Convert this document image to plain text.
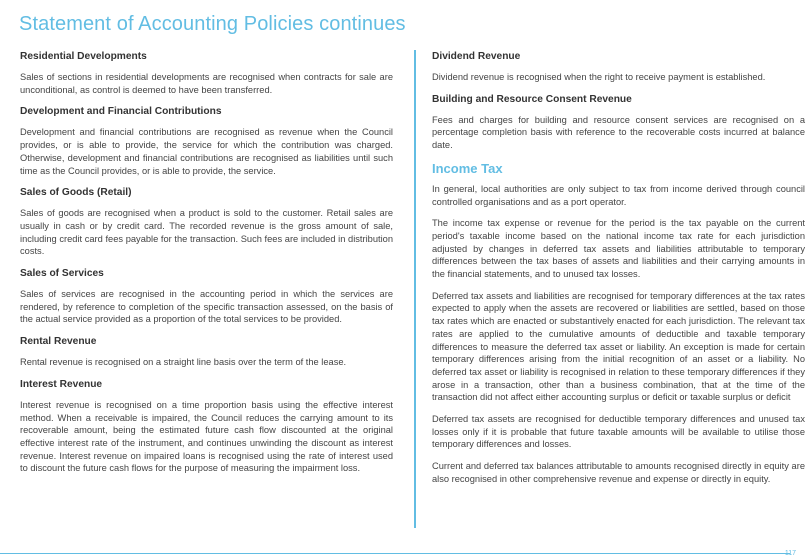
Statement of Accounting Policies continues
Residential Developments

Sales of sections in residential developments are recognised when contracts for sale are unconditional, as control is deemed to have been transferred.

Development and Financial Contributions

Development and financial contributions are recognised as revenue when the Council provides, or is able to provide, the service for which the contribution was charged. Otherwise, development and financial contributions are recognised as liabilities until such time as the Council provides, or is able to provide, the service.

Sales of Goods (Retail)

Sales of goods are recognised when a product is sold to the customer. Retail sales are usually in cash or by credit card. The recorded revenue is the gross amount of sale, including credit card fees payable for the transaction. Such fees are included in distribution costs.

Sales of Services

Sales of services are recognised in the accounting period in which the services are rendered, by reference to completion of the specific transaction assessed, on the basis of the actual service provided as a proportion of the total services to be provided.

Rental Revenue

Rental revenue is recognised on a straight line basis over the term of the lease.

Interest Revenue

Interest revenue is recognised on a time proportion basis using the effective interest method. When a receivable is impaired, the Council reduces the carrying amount to its recoverable amount, being the estimated future cash flow discounted at the original effective interest rate of the instrument, and continues unwinding the discount as interest revenue. Interest revenue on impaired loans is recognised using the rate of interest used to discount the future cash flows for the purpose of measuring the impairment loss.

Dividend Revenue

Dividend revenue is recognised when the right to receive payment is established.

Building and Resource Consent Revenue

Fees and charges for building and resource consent services are recognised on a percentage completion basis with reference to the recoverable costs incurred at balance date.

Income Tax

In general, local authorities are only subject to tax from income derived through council controlled organisations and as a port operator.

The income tax expense or revenue for the period is the tax payable on the current period's taxable income based on the national income tax rate for each jurisdiction adjusted by changes in deferred tax assets and liabilities attributable to temporary differences between the tax bases of assets and liabilities and their carrying amounts in the financial statements, and to unused tax losses.

Deferred tax assets and liabilities are recognised for temporary differences at the tax rates expected to apply when the assets are recovered or liabilities are settled, based on those tax rates which are enacted or substantively enacted for each jurisdiction. The relevant tax rates are applied to the cumulative amounts of deductible and taxable temporary differences to measure the deferred tax asset or liability. An exception is made for certain temporary differences arising from the initial recognition of an asset or a liability. No deferred tax asset or liability is recognised in relation to these temporary differences if they arose in a transaction, other than a business combination, that at the time of the transaction did not affect either accounting surplus or deficit or taxable surplus or deficit

Deferred tax assets are recognised for deductible temporary differences and unused tax losses only if it is probable that future taxable amounts will be available to utilise those temporary differences and losses.

Current and deferred tax balances attributable to amounts recognised directly in equity are also recognised in other comprehensive revenue and expense or directly in equity.

117
